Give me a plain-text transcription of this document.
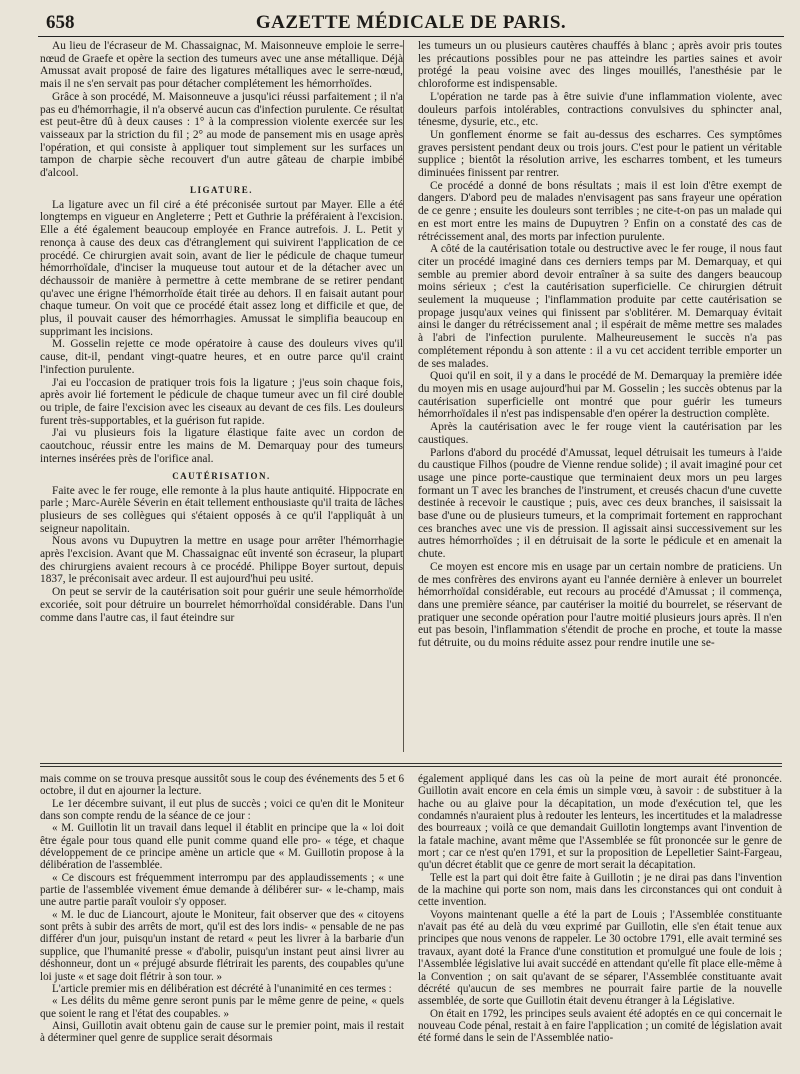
658	GAZETTE MÉDICALE DE PARIS.

Au lieu de l'écraseur de M. Chassaignac, M. Maisonneuve emploie le serre-nœud de Graefe et opère la section des tumeurs avec une anse métallique. Déjà Amussat avait proposé de faire des ligatures métalliques avec le serre-nœud, mais il ne s'en servait pas pour détacher complétement les hémorrhoïdes.

Grâce à son procédé, M. Maisonneuve a jusqu'ici réussi parfaitement ; il n'a pas eu d'hémorrhagie, il n'a observé aucun cas d'infection purulente. Ce résultat est peut-être dû à deux causes : 1° à la compression violente exercée sur les vaisseaux par la striction du fil ; 2° au mode de pansement mis en usage après l'opération, et qui consiste à appliquer tout simplement sur les surfaces un tampon de charpie sèche recouvert d'un autre gâteau de charpie imbibé d'alcool.

LIGATURE.

La ligature avec un fil ciré a été préconisée surtout par Mayer. Elle a été longtemps en vigueur en Angleterre ; Pett et Guthrie la préféraient à l'excision. Elle a été également beaucoup employée en France autrefois. J. L. Petit y renonça à cause des deux cas d'étranglement qui suivirent l'application de ce procédé. Ce chirurgien avait soin, avant de lier le pédicule de chaque tumeur hémorrhoïdale, d'inciser la muqueuse tout autour et de la détacher avec un déchaussoir de manière à permettre à cette membrane de se retirer pendant qu'avec une érigne l'hémorrhoïde était tirée au dehors. Il en faisait autant pour chaque tumeur. On voit que ce procédé était assez long et difficile et que, de plus, il pouvait causer des hémorrhagies. Amussat le simplifia beaucoup en supprimant les incisions.

M. Gosselin rejette ce mode opératoire à cause des douleurs vives qu'il cause, dit-il, pendant vingt-quatre heures, et en outre parce qu'il craint l'infection purulente.

J'ai eu l'occasion de pratiquer trois fois la ligature ; j'eus soin chaque fois, après avoir lié fortement le pédicule de chaque tumeur avec un fil ciré double ou triple, de faire l'excision avec les ciseaux au devant de ces fils. Les douleurs furent très-supportables, et la guérison fut rapide.

J'ai vu plusieurs fois la ligature élastique faite avec un cordon de caoutchouc, réussir entre les mains de M. Demarquay pour des tumeurs internes insérées près de l'orifice anal.

CAUTÉRISATION.

Faite avec le fer rouge, elle remonte à la plus haute antiquité. Hippocrate en parle ; Marc-Aurèle Séverin en était tellement enthousiaste qu'il traita de lâches plusieurs de ses collègues qui s'étaient opposés à ce qu'il l'appliquât à un seigneur napolitain.

Nous avons vu Dupuytren la mettre en usage pour arrêter l'hémorrhagie après l'excision. Avant que M. Chassaignac eût inventé son écraseur, la plupart des chirurgiens avaient recours à ce procédé. Philippe Boyer surtout, depuis 1837, le préconisait avec ardeur. Il est aujourd'hui peu usité.

On peut se servir de la cautérisation soit pour guérir une seule hémorrhoïde excoriée, soit pour détruire un bourrelet hémorrhoïdal considérable. Dans l'un comme dans l'autre cas, il faut éteindre sur

les tumeurs un ou plusieurs cautères chauffés à blanc ; après avoir pris toutes les précautions possibles pour ne pas atteindre les parties saines et avoir protégé la peau voisine avec des linges mouillés, l'anesthésie par le chloroforme est indispensable.

L'opération ne tarde pas à être suivie d'une inflammation violente, avec douleurs parfois intolérables, contractions convulsives du sphincter anal, ténesme, dysurie, etc., etc.

Un gonflement énorme se fait au-dessus des escharres. Ces symptômes graves persistent pendant deux ou trois jours. C'est pour le patient un véritable supplice ; bientôt la résolution arrive, les escharres tombent, et les tumeurs diminuées finissent par rentrer.

Ce procédé a donné de bons résultats ; mais il est loin d'être exempt de dangers. D'abord peu de malades n'envisagent pas sans frayeur une opération de ce genre ; ensuite les douleurs sont terribles ; ne cite-t-on pas un malade qui en est mort entre les mains de Dupuytren ? Enfin on a constaté des cas de rétrécissement anal, des morts par infection purulente.

A côté de la cautérisation totale ou destructive avec le fer rouge, il nous faut citer un procédé imaginé dans ces derniers temps par M. Demarquay, et qui semble au premier abord devoir entraîner à sa suite des dangers beaucoup moins sérieux ; c'est la cautérisation superficielle. Ce chirurgien détruit seulement la muqueuse ; l'inflammation produite par cette cautérisation se propage jusqu'aux veines qui finissent par s'oblitérer. M. Demarquay évitait ainsi le danger du rétrécissement anal ; il espérait de même mettre ses malades à l'abri de l'infection purulente. Malheureusement le succès n'a pas complétement répondu à son attente : il a vu cet accident terrible emporter un de ses malades.

Quoi qu'il en soit, il y a dans le procédé de M. Demarquay la première idée du moyen mis en usage aujourd'hui par M. Gosselin ; les succès obtenus par la cautérisation superficielle ont montré que pour guérir les tumeurs hémorrhoïdales il n'est pas indispensable d'en opérer la destruction complète.

Après la cautérisation avec le fer rouge vient la cautérisation par les caustiques.

Parlons d'abord du procédé d'Amussat, lequel détruisait les tumeurs à l'aide du caustique Filhos (poudre de Vienne rendue solide) ; il avait imaginé pour cet usage une pince porte-caustique que terminaient deux mors un peu larges formant un T avec les branches de l'instrument, et creusés chacun d'une cuvette destinée à recevoir le caustique ; puis, avec ces deux branches, il saisissait la base d'une ou de plusieurs tumeurs, et la comprimait fortement en rapprochant ces branches avec une vis de pression. Il agissait ainsi successivement sur les autres hémorrhoïdes ; il en détruisait de la sorte le pédicule et en amenait la chute.

Ce moyen est encore mis en usage par un certain nombre de praticiens. Un de mes confrères des environs ayant eu l'année dernière à enlever un bourrelet hémorrhoïdal considérable, eut recours au procédé d'Amussat ; il commença, dans une première séance, par cautériser la moitié du bourrelet, se réservant de pratiquer une seconde opération pour l'autre moitié plusieurs jours après. Il n'en eut pas besoin, l'inflammation s'étendit de proche en proche, et toute la masse fut détruite, ou du moins réduite assez pour rendre inutile une se-

mais comme on se trouva presque aussitôt sous le coup des événements des 5 et 6 octobre, il dut en ajourner la lecture.

Le 1er décembre suivant, il eut plus de succès ; voici ce qu'en dit le Moniteur dans son compte rendu de la séance de ce jour :

« M. Guillotin lit un travail dans lequel il établit en principe que la « loi doit être égale pour tous quand elle punit comme quand elle pro- « tége, et chaque développement de ce principe amène un article que « M. Guillotin propose à la délibération de l'assemblée.

« Ce discours est fréquemment interrompu par des applaudissements ; « une partie de l'assemblée vivement émue demande à délibérer sur- « le-champ, mais une autre partie paraît vouloir s'y opposer.

« M. le duc de Liancourt, ajoute le Moniteur, fait observer que des « citoyens sont prêts à subir des arrêts de mort, qu'il est des lors indis- « pensable de ne pas différer d'un jour, puisqu'un instant de retard « peut les livrer à la barbarie d'un supplice, que l'humanité presse « d'abolir, puisqu'un instant peut ainsi livrer au déshonneur, dont un « préjugé absurde flétrirait les parents, des coupables qu'une loi juste « et sage doit flétrir à son tour. »

L'article premier mis en délibération est décrété à l'unanimité en ces termes :

« Les délits du même genre seront punis par le même genre de peine, « quels que soient le rang et l'état des coupables. »

Ainsi, Guillotin avait obtenu gain de cause sur le premier point, mais il restait à déterminer quel genre de supplice serait désormais

également appliqué dans les cas où la peine de mort aurait été prononcée. Guillotin avait encore en cela émis un simple vœu, à savoir : de substituer à la hache ou au glaive pour la décapitation, un mode d'exécution tel, que les condamnés n'auraient plus à redouter les lenteurs, les incertitudes et la maladresse des bourreaux ; voilà ce que demandait Guillotin longtemps avant l'invention de la fatale machine, avant même que l'Assemblée se fût prononcée sur le genre de mort ; car ce n'est qu'en 1791, et sur la proposition de Lepelletier Saint-Fargeau, qu'un décret établit que ce genre de mort serait la décapitation.

Telle est la part qui doit être faite à Guillotin ; je ne dirai pas dans l'invention de la machine qui porte son nom, mais dans les circonstances qui ont conduit à cette invention.

Voyons maintenant quelle a été la part de Louis ; l'Assemblée constituante n'avait pas été au delà du vœu exprimé par Guillotin, elle s'en était tenue aux principes que nous venons de rappeler. Le 30 octobre 1791, elle avait terminé ses travaux, ayant doté la France d'une constitution et promulgué une foule de lois ; l'Assemblée législative lui avait succédé en attendant qu'elle fît place elle-même à la Convention ; on sait qu'avant de se séparer, l'Assemblée constituante avait décrété qu'aucun de ses membres ne pourrait faire partie de la nouvelle assemblée, de sorte que Guillotin était devenu étranger à la Législative.

On était en 1792, les principes seuls avaient été adoptés en ce qui concernait le nouveau Code pénal, restait à en faire l'application ; un comité de législation avait été formé dans le sein de l'Assemblée natio-
